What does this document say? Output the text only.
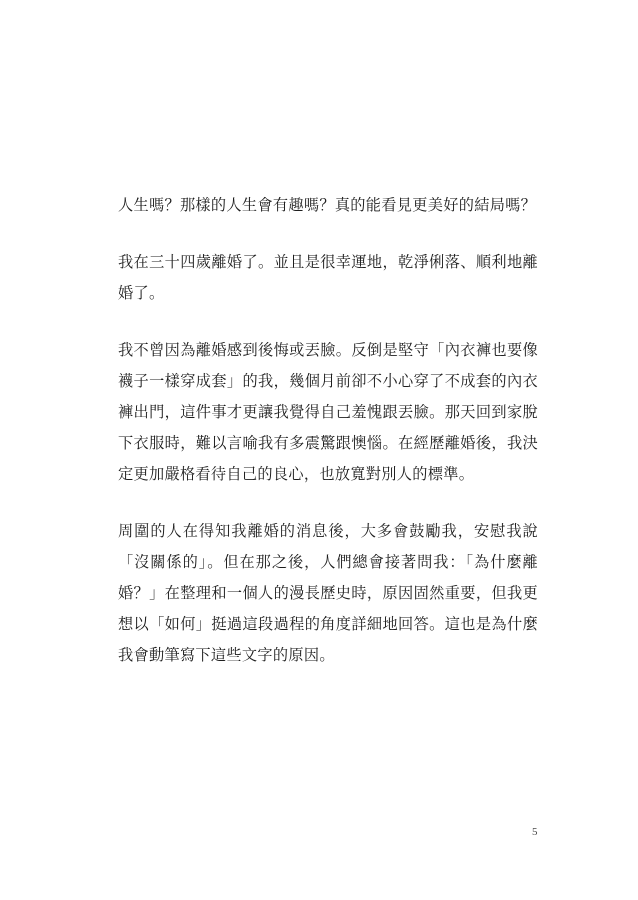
人生嗎？那樣的人生會有趣嗎？真的能看見更美好的結局嗎？

我在三十四歲離婚了。並且是很幸運地，乾淨俐落、順利地離婚了。

我不曾因為離婚感到後悔或丟臉。反倒是堅守「內衣褲也要像襪子一樣穿成套」的我，幾個月前卻不小心穿了不成套的內衣褲出門，這件事才更讓我覺得自己羞愧跟丟臉。那天回到家脫下衣服時，難以言喻我有多震驚跟懊惱。在經歷離婚後，我決定更加嚴格看待自己的良心，也放寬對別人的標準。

周圍的人在得知我離婚的消息後，大多會鼓勵我，安慰我說「沒關係的」。但在那之後，人們總會接著問我：「為什麼離婚？」在整理和一個人的漫長歷史時，原因固然重要，但我更想以「如何」挺過這段過程的角度詳細地回答。這也是為什麼我會動筆寫下這些文字的原因。

5
